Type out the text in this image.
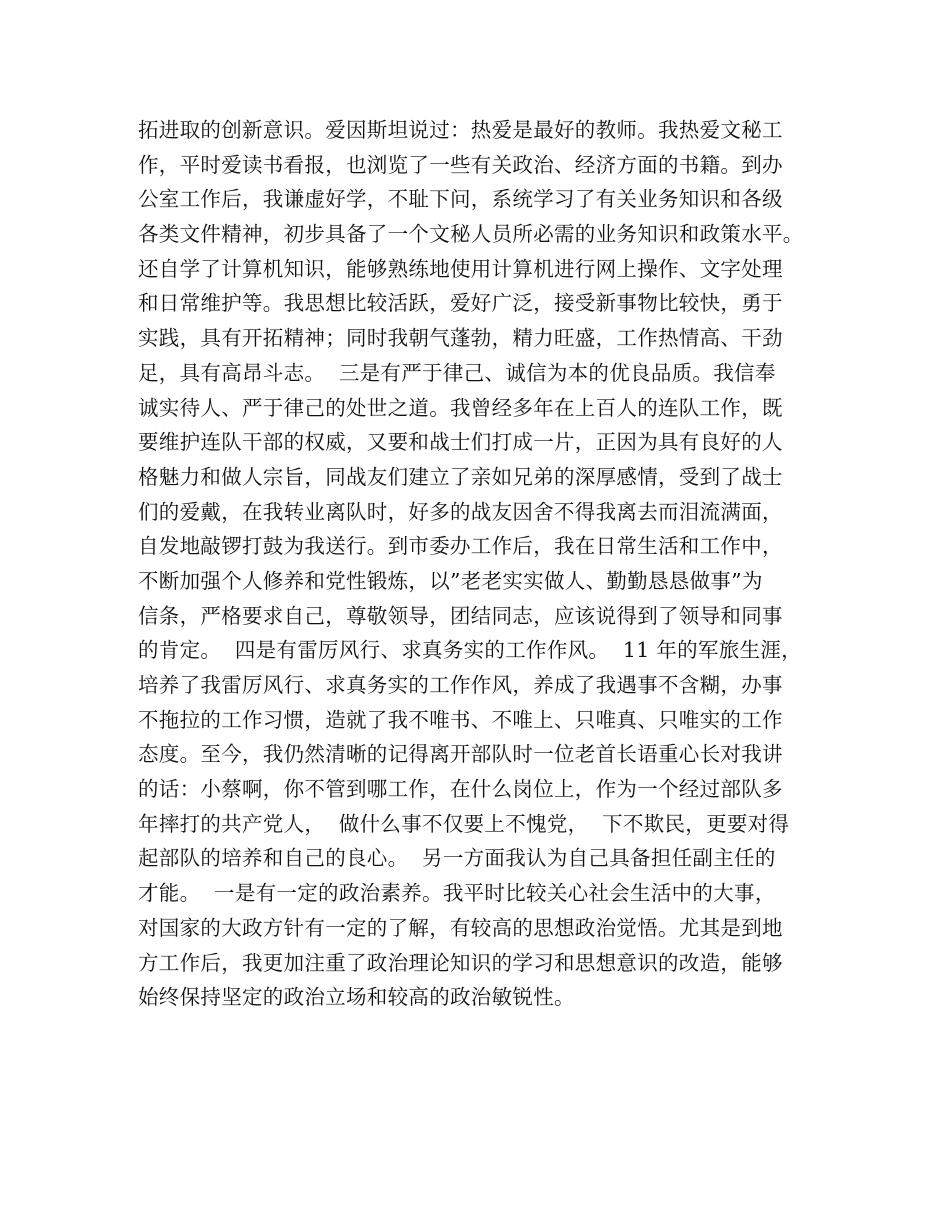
拓进取的创新意识。爱因斯坦说过：热爱是最好的教师。我热爱文秘工
作，平时爱读书看报，也浏览了一些有关政治、经济方面的书籍。到办
公室工作后，我谦虚好学，不耻下问，系统学习了有关业务知识和各级
各类文件精神，初步具备了一个文秘人员所必需的业务知识和政策水平。
还自学了计算机知识，能够熟练地使用计算机进行网上操作、文字处理
和日常维护等。我思想比较活跃，爱好广泛，接受新事物比较快，勇于
实践，具有开拓精神；同时我朝气蓬勃，精力旺盛，工作热情高、干劲
足，具有高昂斗志。  三是有严于律己、诚信为本的优良品质。我信奉
诚实待人、严于律己的处世之道。我曾经多年在上百人的连队工作，既
要维护连队干部的权威，又要和战士们打成一片，正因为具有良好的人
格魅力和做人宗旨，同战友们建立了亲如兄弟的深厚感情，受到了战士
们的爱戴，在我转业离队时，好多的战友因舍不得我离去而泪流满面，
自发地敲锣打鼓为我送行。到市委办工作后，我在日常生活和工作中，
不断加强个人修养和党性锻炼，以”老老实实做人、勤勤恳恳做事”为
信条，严格要求自己，尊敬领导，团结同志，应该说得到了领导和同事
的肯定。  四是有雷厉风行、求真务实的工作作风。  11 年的军旅生涯，
培养了我雷厉风行、求真务实的工作作风，养成了我遇事不含糊，办事
不拖拉的工作习惯，造就了我不唯书、不唯上、只唯真、只唯实的工作
态度。至今，我仍然清晰的记得离开部队时一位老首长语重心长对我讲
的话：小蔡啊，你不管到哪工作，在什么岗位上，作为一个经过部队多
年摔打的共产党人，  做什么事不仅要上不愧党，  下不欺民，更要对得
起部队的培养和自己的良心。  另一方面我认为自己具备担任副主任的
才能。  一是有一定的政治素养。我平时比较关心社会生活中的大事，
对国家的大政方针有一定的了解，有较高的思想政治觉悟。尤其是到地
方工作后，我更加注重了政治理论知识的学习和思想意识的改造，能够
始终保持坚定的政治立场和较高的政治敏锐性。
